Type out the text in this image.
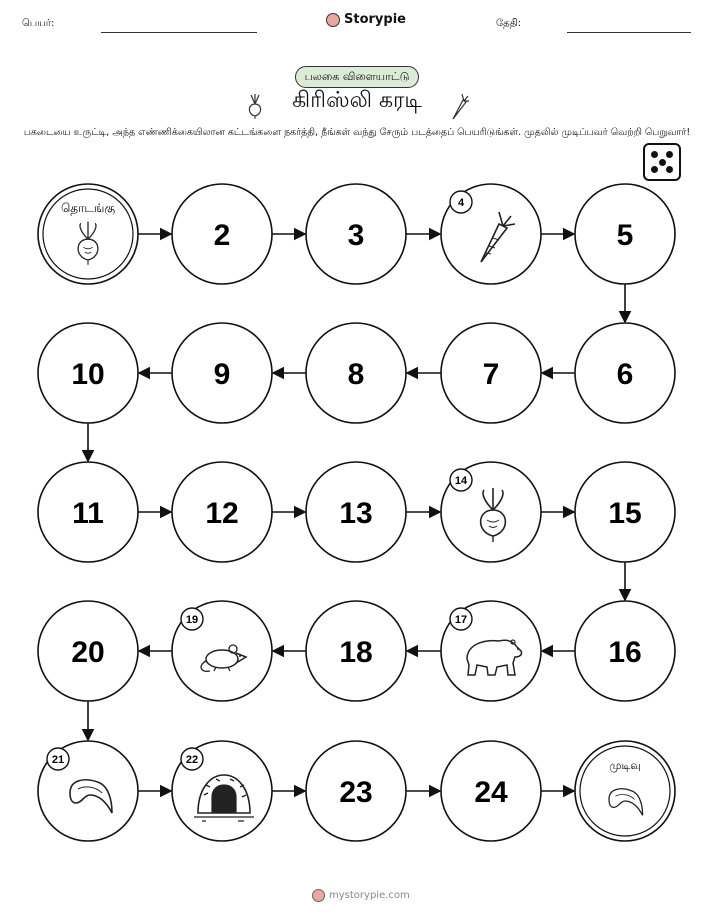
பெயர்:	Storypie	தேதி:
பலகை விளையாட்டு
கிரிஸ்லி கரடி
பகடையை உருட்டி, அந்த எண்ணிக்கையிலான கட்டங்களை நகர்த்தி, நீங்கள் வந்து சேரும் படத்தைப் பெயரிடுங்கள். முதலில் முடிப்பவர் வெற்றி பெறுவார்!
தொடங்கு
2	3
4
5
6
7
8
9
10
11	12	13
14
15
16
17
18
19
20
21	22
23	24
முடிவு
mystorypie.com
